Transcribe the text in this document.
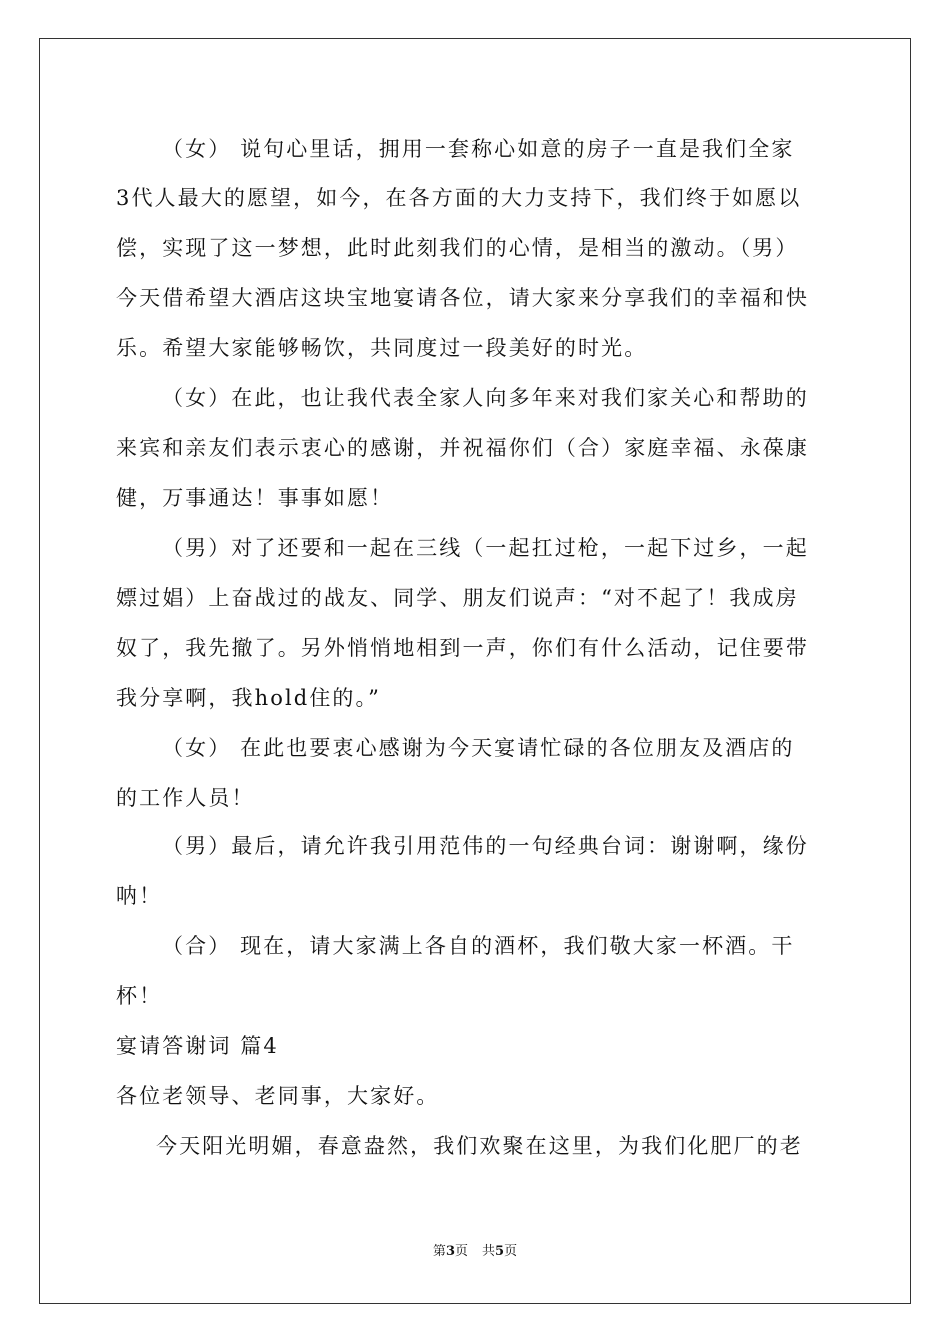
（女） 说句心里话，拥用一套称心如意的房子一直是我们全家
3代人最大的愿望，如今，在各方面的大力支持下，我们终于如愿以
偿，实现了这一梦想，此时此刻我们的心情，是相当的激动。（男）
今天借希望大酒店这块宝地宴请各位，请大家来分享我们的幸福和快
乐。希望大家能够畅饮，共同度过一段美好的时光。
（女）在此，也让我代表全家人向多年来对我们家关心和帮助的
来宾和亲友们表示衷心的感谢，并祝福你们（合）家庭幸福、永葆康
健，万事通达！事事如愿！
（男）对了还要和一起在三线（一起扛过枪，一起下过乡，一起
嫖过娼）上奋战过的战友、同学、朋友们说声：“对不起了！我成房
奴了，我先撤了。另外悄悄地相到一声，你们有什么活动，记住要带
我分享啊，我hold住的。”
（女） 在此也要衷心感谢为今天宴请忙碌的各位朋友及酒店的
的工作人员！
（男）最后，请允许我引用范伟的一句经典台词：谢谢啊，缘份
呐！
（合） 现在，请大家满上各自的酒杯，我们敬大家一杯酒。干
杯！
宴请答谢词 篇4
各位老领导、老同事，大家好。
今天阳光明媚，春意盎然，我们欢聚在这里，为我们化肥厂的老
第3页 共5页
